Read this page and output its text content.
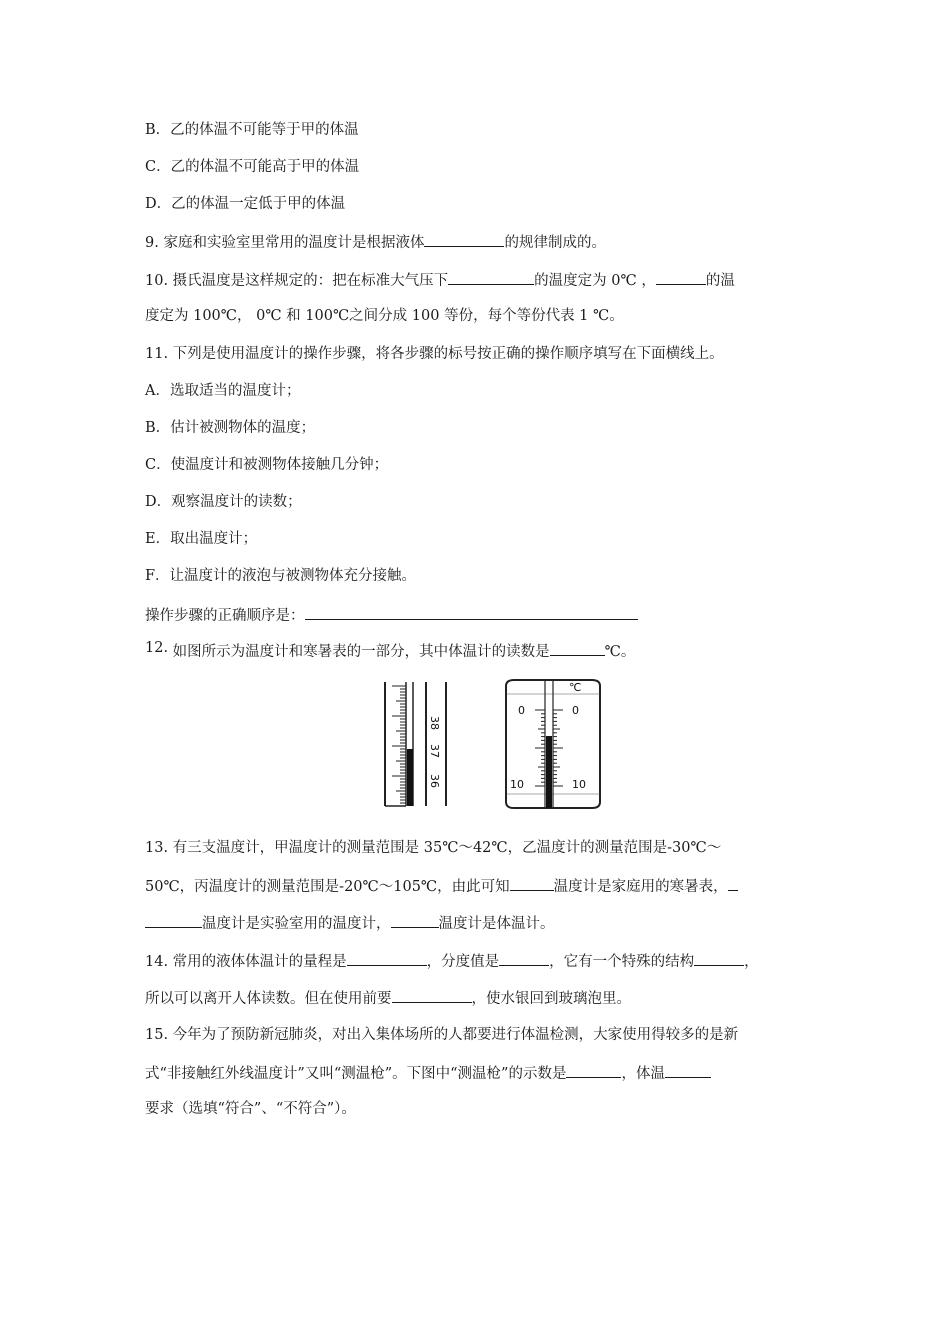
B．乙的体温不可能等于甲的体温
C．乙的体温不可能高于甲的体温
D．乙的体温一定低于甲的体温
9. 家庭和实验室里常用的温度计是根据液体	的规律制成的。
10. 摄氏温度是这样规定的：把在标准大气压下	的温度定为 0℃ ，	的温
度定为 100℃， 0℃ 和 100℃之间分成 100 等份，每个等份代表 1 ℃。
11. 下列是使用温度计的操作步骤，将各步骤的标号按正确的操作顺序填写在下面横线上。
A．选取适当的温度计；
B．估计被测物体的温度；
C．使温度计和被测物体接触几分钟；
D．观察温度计的读数；
E．取出温度计；
F．让温度计的液泡与被测物体充分接触。
操作步骤的正确顺序是：
12. 如图所示为温度计和寒暑表的一部分，其中体温计的读数是	℃。
38
37
36
℃
0	0
10	10
13. 有三支温度计，甲温度计的测量范围是 35℃～42℃，乙温度计的测量范围是-30℃～
50℃，丙温度计的测量范围是-20℃～105℃，由此可知	温度计是家庭用的寒暑表，
温度计是实验室用的温度计，	温度计是体温计。
14. 常用的液体体温计的量程是	，分度值是	，它有一个特殊的结构	，
所以可以离开人体读数。但在使用前要	，使水银回到玻璃泡里。
15. 今年为了预防新冠肺炎，对出入集体场所的人都要进行体温检测，大家使用得较多的是新
式“非接触红外线温度计”又叫“测温枪”。下图中“测温枪”的示数是	，体温
要求（选填“符合”、“不符合”）。
